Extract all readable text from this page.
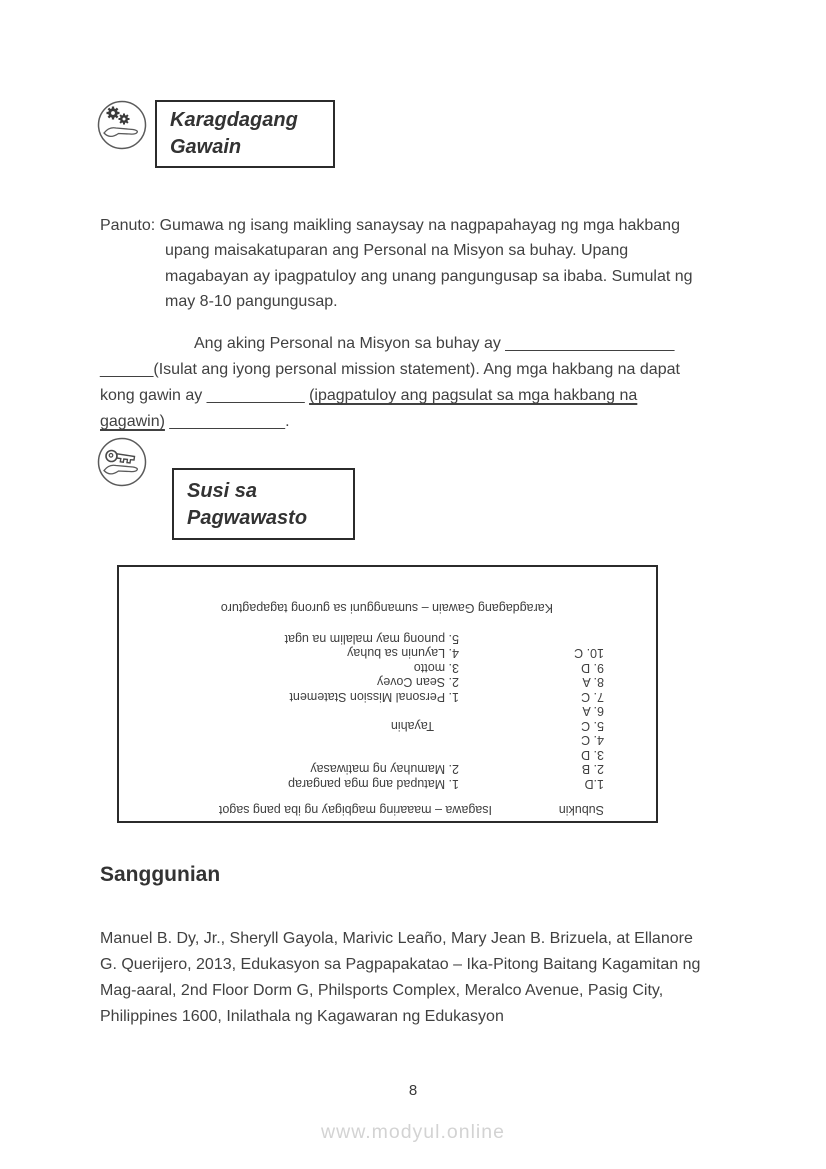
Karagdagang Gawain
Panuto: Gumawa ng isang maikling sanaysay na nagpapahayag ng mga hakbang
upang maisakatuparan ang Personal na Misyon sa buhay. Upang
magabayan ay ipagpatuloy ang unang pangungusap sa ibaba. Sumulat ng
may 8-10 pangungusap.
Ang aking Personal na Misyon sa buhay ay ___________________
______(Isulat ang iyong personal mission statement). Ang mga hakbang na dapat
kong gawin ay ___________ (ipagpatuloy ang pagsulat sa mga hakbang na
gagawin) _____________.
Susi sa Pagwawasto
Subukin
Isagawa – maaaring magbigay ng iba pang sagot
1.D
1. Matupad ang mga pangarap
2. B
2. Mamuhay ng matiwasay
3. D
4. C
5. C
Tayahin
6. A
7. C
1. Personal Mission Statement
8. A
2. Sean Covey
9. D
3. motto
10. C
4. Layunin sa buhay
5. punong may malalim na ugat
Karagdagang Gawain – sumangguni sa gurong tagapagturo
Sanggunian
Manuel B. Dy, Jr., Sheryll Gayola, Marivic Leaño, Mary Jean B. Brizuela, at Ellanore
G. Querijero, 2013, Edukasyon sa Pagpapakatao – Ika-Pitong Baitang Kagamitan ng
Mag-aaral, 2nd Floor Dorm G, Philsports Complex, Meralco Avenue, Pasig City,
Philippines 1600, Inilathala ng Kagawaran ng Edukasyon
8
www.modyul.online
